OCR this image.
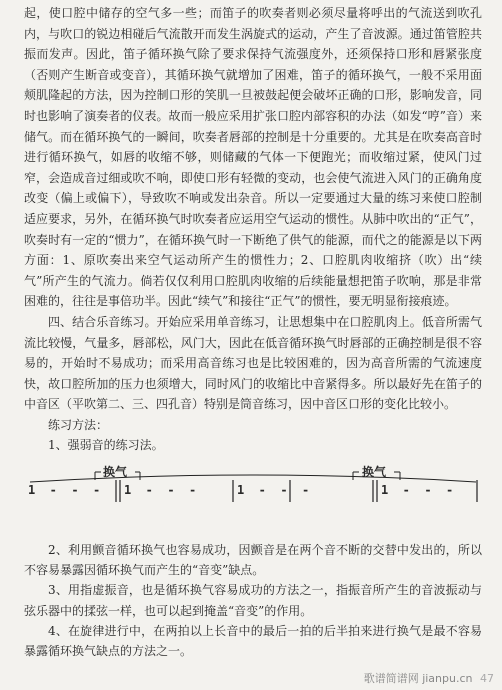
起，使口腔中储存的空气多一些；而笛子的吹奏者则必须尽量将呼出的气流送到吹孔内，与吹口的锐边相碰后气流散开而发生涡旋式的运动，产生了音波源。通过笛管腔共振而发声。因此，笛子循环换气除了要求保持气流强度外，还须保持口形和唇紧张度（否则产生断音或变音），其循环换气就增加了困难，笛子的循环换气，一般不采用面颊肌隆起的方法，因为控制口形的笑肌一旦被鼓起便会破坏正确的口形，影响发音，同时也影响了演奏者的仪表。故而一般应采用扩张口腔内部容积的办法（如发“哼”音）来储气。而在循环换气的一瞬间，吹奏者唇部的控制是十分重要的。尤其是在吹奏高音时进行循环换气，如唇的收缩不够，则储藏的气体一下便跑光；而收缩过紧，使风门过窄，会造成音过细或吹不响，即使口形有轻微的变动，也会使气流进入风门的正确角度改变（偏上或偏下），导致吹不响或发出杂音。所以一定要通过大量的练习来使口腔制适应要求，另外，在循环换气时吹奏者应运用空气运动的惯性。从肺中吹出的“正气”，吹奏时有一定的“惯力”，在循环换气时一下断绝了供气的能源，而代之的能源是以下两方面：1、原吹奏出来空气运动所产生的惯性力；2、口腔肌肉收缩挤（吹）出“续气”所产生的气流力。倘若仅仅利用口腔肌肉收缩的后续能量想把笛子吹响，那是非常困难的，往往是事倍功半。因此“续气”和接往“正气”的惯性，要无明显衔接痕迹。

四、结合乐音练习。开始应采用单音练习，让思想集中在口腔肌肉上。低音所需气流比较慢，气量多，唇部松，风门大，因此在低音循环换气时唇部的正确控制是很不容易的，开始时不易成功；而采用高音练习也是比较困难的，因为高音所需的气流速度快，故口腔所加的压力也须增大，同时风门的收缩比中音紧得多。所以最好先在笛子的中音区（平吹第二、三、四孔音）特别是筒音练习，因中音区口形的变化比较小。

练习方法：

1、强弱音的练习法。

换气	换气
1  -  -  - 1  -  -  -	1  -  -  -	1  -  -  -

2、利用颤音循环换气也容易成功，因颤音是在两个音不断的交替中发出的，所以不容易暴露因循环换气而产生的“音变”缺点。

3、用指虚振音，也是循环换气容易成功的方法之一，指振音所产生的音波振动与弦乐器中的揉弦一样，也可以起到掩盖“音变”的作用。

4、在旋律进行中，在两拍以上长音中的最后一拍的后半拍来进行换气是最不容易暴露循环换气缺点的方法之一。

歌谱简谱网 jianpu.cn 47
